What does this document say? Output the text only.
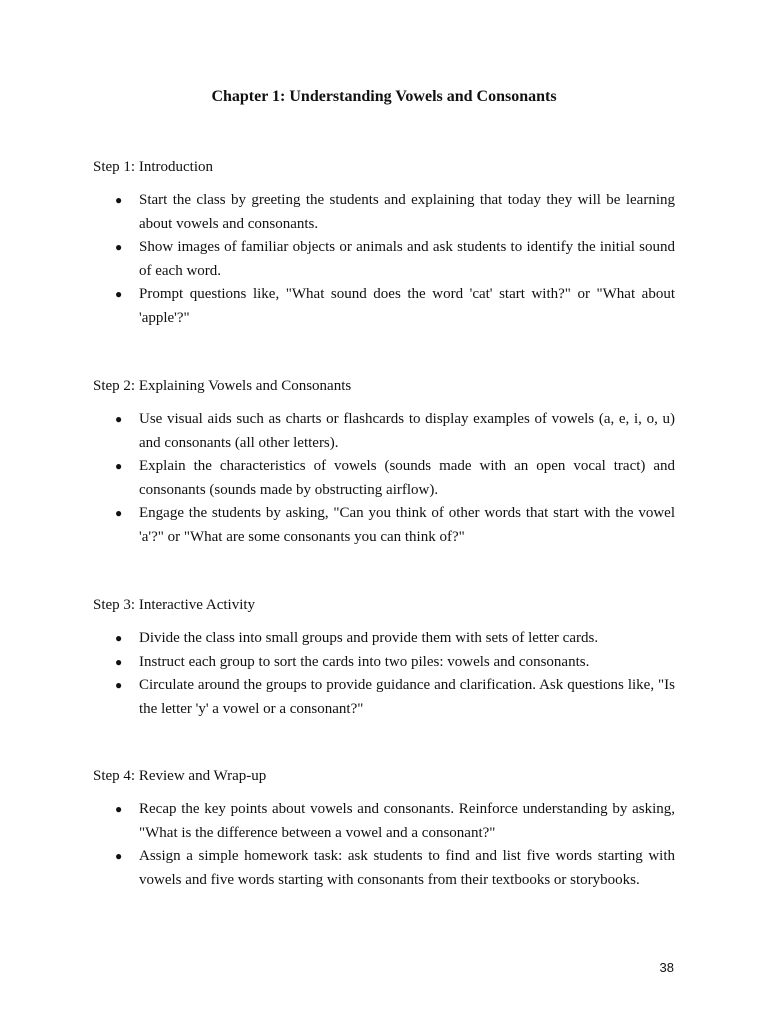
Chapter 1: Understanding Vowels and Consonants

Step 1: Introduction

● Start the class by greeting the students and explaining that today they will be learning about vowels and consonants.
● Show images of familiar objects or animals and ask students to identify the initial sound of each word.
● Prompt questions like, "What sound does the word 'cat' start with?" or "What about 'apple'?"

Step 2: Explaining Vowels and Consonants

● Use visual aids such as charts or flashcards to display examples of vowels (a, e, i, o, u) and consonants (all other letters).
● Explain the characteristics of vowels (sounds made with an open vocal tract) and consonants (sounds made by obstructing airflow).
● Engage the students by asking, "Can you think of other words that start with the vowel 'a'?" or "What are some consonants you can think of?"

Step 3: Interactive Activity

● Divide the class into small groups and provide them with sets of letter cards.
● Instruct each group to sort the cards into two piles: vowels and consonants.
● Circulate around the groups to provide guidance and clarification. Ask questions like, "Is the letter 'y' a vowel or a consonant?"

Step 4: Review and Wrap-up

● Recap the key points about vowels and consonants. Reinforce understanding by asking, "What is the difference between a vowel and a consonant?"
● Assign a simple homework task: ask students to find and list five words starting with vowels and five words starting with consonants from their textbooks or storybooks.
38
